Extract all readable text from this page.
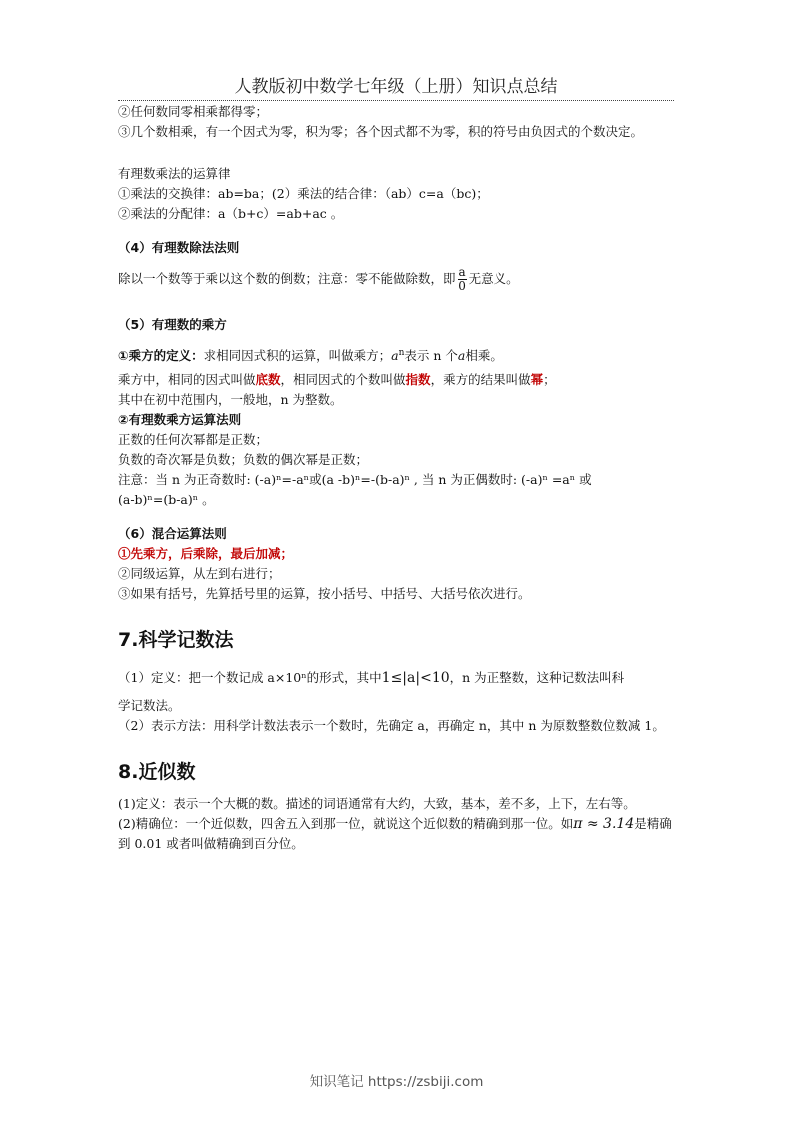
人教版初中数学七年级（上册）知识点总结

②任何数同零相乘都得零；

③几个数相乘，有一个因式为零，积为零；各个因式都不为零，积的符号由负因式的个数决定。

有理数乘法的运算律

①乘法的交换律：ab=ba；(2）乘法的结合律：（ab）c=a（bc)；

②乘法的分配律：a（b+c）=ab+ac 。

（4）有理数除法法则

除以一个数等于乘以这个数的倒数；注意：零不能做除数，即 $\frac{a}{0}$ 无意义。

（5）有理数的乘方

①乘方的定义：求相同因式积的运算，叫做乘方；$a^n$表示 n 个a相乘。

乘方中，相同的因式叫做底数，相同因式的个数叫做指数，乘方的结果叫做幂；

其中在初中范围内，一般地，n 为整数。

②有理数乘方运算法则

正数的任何次幂都是正数；

负数的奇次幂是负数；负数的偶次幂是正数；

注意：当 n 为正奇数时: (-a)ⁿ=-aⁿ或(a -b)ⁿ=-(b-a)ⁿ , 当 n 为正偶数时: (-a)ⁿ =aⁿ 或

(a-b)ⁿ=(b-a)ⁿ 。

（6）混合运算法则

①先乘方，后乘除，最后加减；

②同级运算，从左到右进行；

③如果有括号，先算括号里的运算，按小括号、中括号、大括号依次进行。

7.科学记数法

（1）定义：把一个数记成 a×10ⁿ的形式，其中1≤|a|<10，n 为正整数，这种记数法叫科

学记数法。

（2）表示方法：用科学计数法表示一个数时，先确定 a，再确定 n，其中 n 为原数整数位数减 1。

8.近似数

(1)定义：表示一个大概的数。描述的词语通常有大约，大致，基本，差不多，上下，左右等。

(2)精确位：一个近似数，四舍五入到那一位，就说这个近似数的精确到那一位。如π ≈ 3.14是精确到 0.01 或者叫做精确到百分位。

知识笔记 https://zsbiji.com
